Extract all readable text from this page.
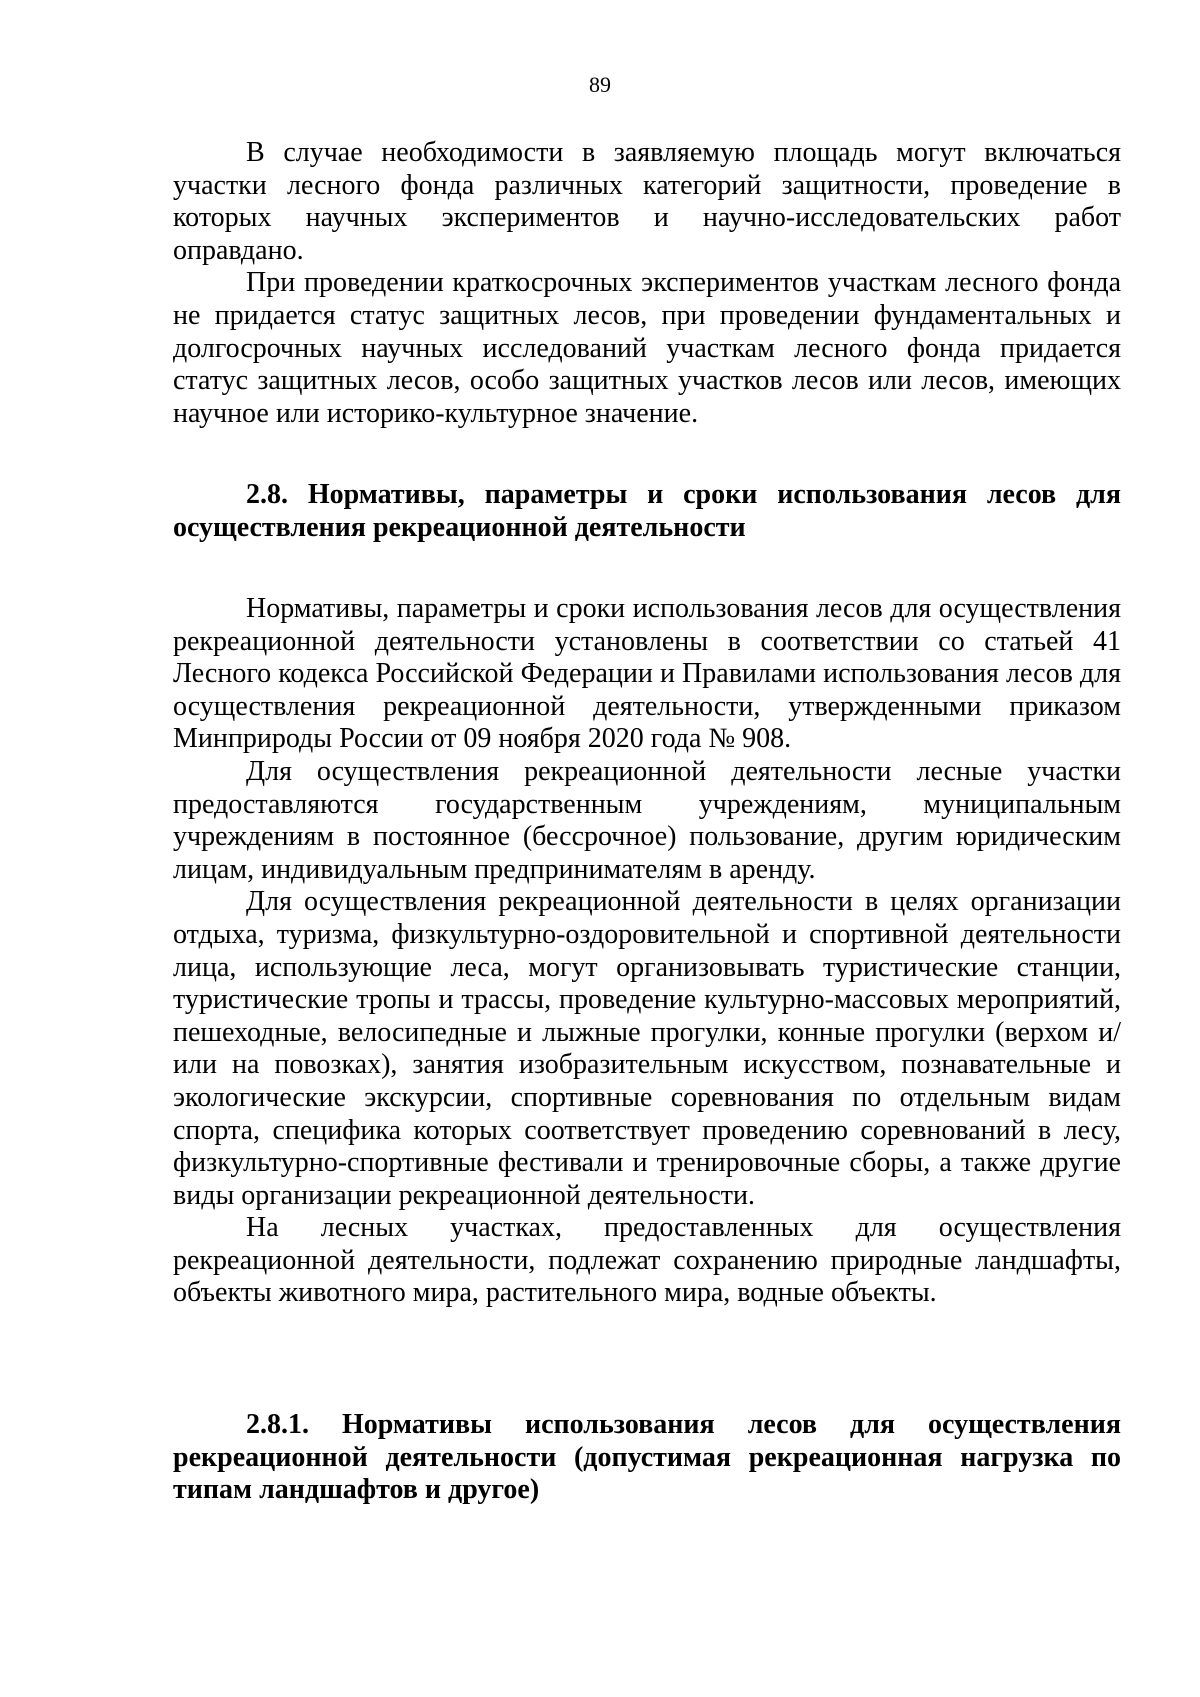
89

В случае необходимости в заявляемую площадь могут включаться участки лесного фонда различных категорий защитности, проведение в которых научных экспериментов и научно-исследовательских работ оправдано.

При проведении краткосрочных экспериментов участкам лесного фонда не придается статус защитных лесов, при проведении фундаментальных и долгосрочных научных исследований участкам лесного фонда придается статус защитных лесов, особо защитных участков лесов или лесов, имеющих научное или историко-культурное значение.

2.8. Нормативы, параметры и сроки использования лесов для осуществления рекреационной деятельности

Нормативы, параметры и сроки использования лесов для осуществления рекреационной деятельности установлены в соответствии со статьей 41 Лесного кодекса Российской Федерации и Правилами использования лесов для осуществления рекреационной деятельности, утвержденными приказом Минприроды России от 09 ноября 2020 года № 908.

Для осуществления рекреационной деятельности лесные участки предоставляются государственным учреждениям, муниципальным учреждениям в постоянное (бессрочное) пользование, другим юридическим лицам, индивидуальным предпринимателям в аренду.

Для осуществления рекреационной деятельности в целях организации отдыха, туризма, физкультурно-оздоровительной и спортивной деятельности лица, использующие леса, могут организовывать туристические станции, туристические тропы и трассы, проведение культурно-массовых мероприятий, пешеходные, велосипедные и лыжные прогулки, конные прогулки (верхом и/или на повозках), занятия изобразительным искусством, познавательные и экологические экскурсии, спортивные соревнования по отдельным видам спорта, специфика которых соответствует проведению соревнований в лесу, физкультурно-спортивные фестивали и тренировочные сборы, а также другие виды организации рекреационной деятельности.

На лесных участках, предоставленных для осуществления рекреационной деятельности, подлежат сохранению природные ландшафты, объекты животного мира, растительного мира, водные объекты.

2.8.1. Нормативы использования лесов для осуществления рекреационной деятельности (допустимая рекреационная нагрузка по типам ландшафтов и другое)
